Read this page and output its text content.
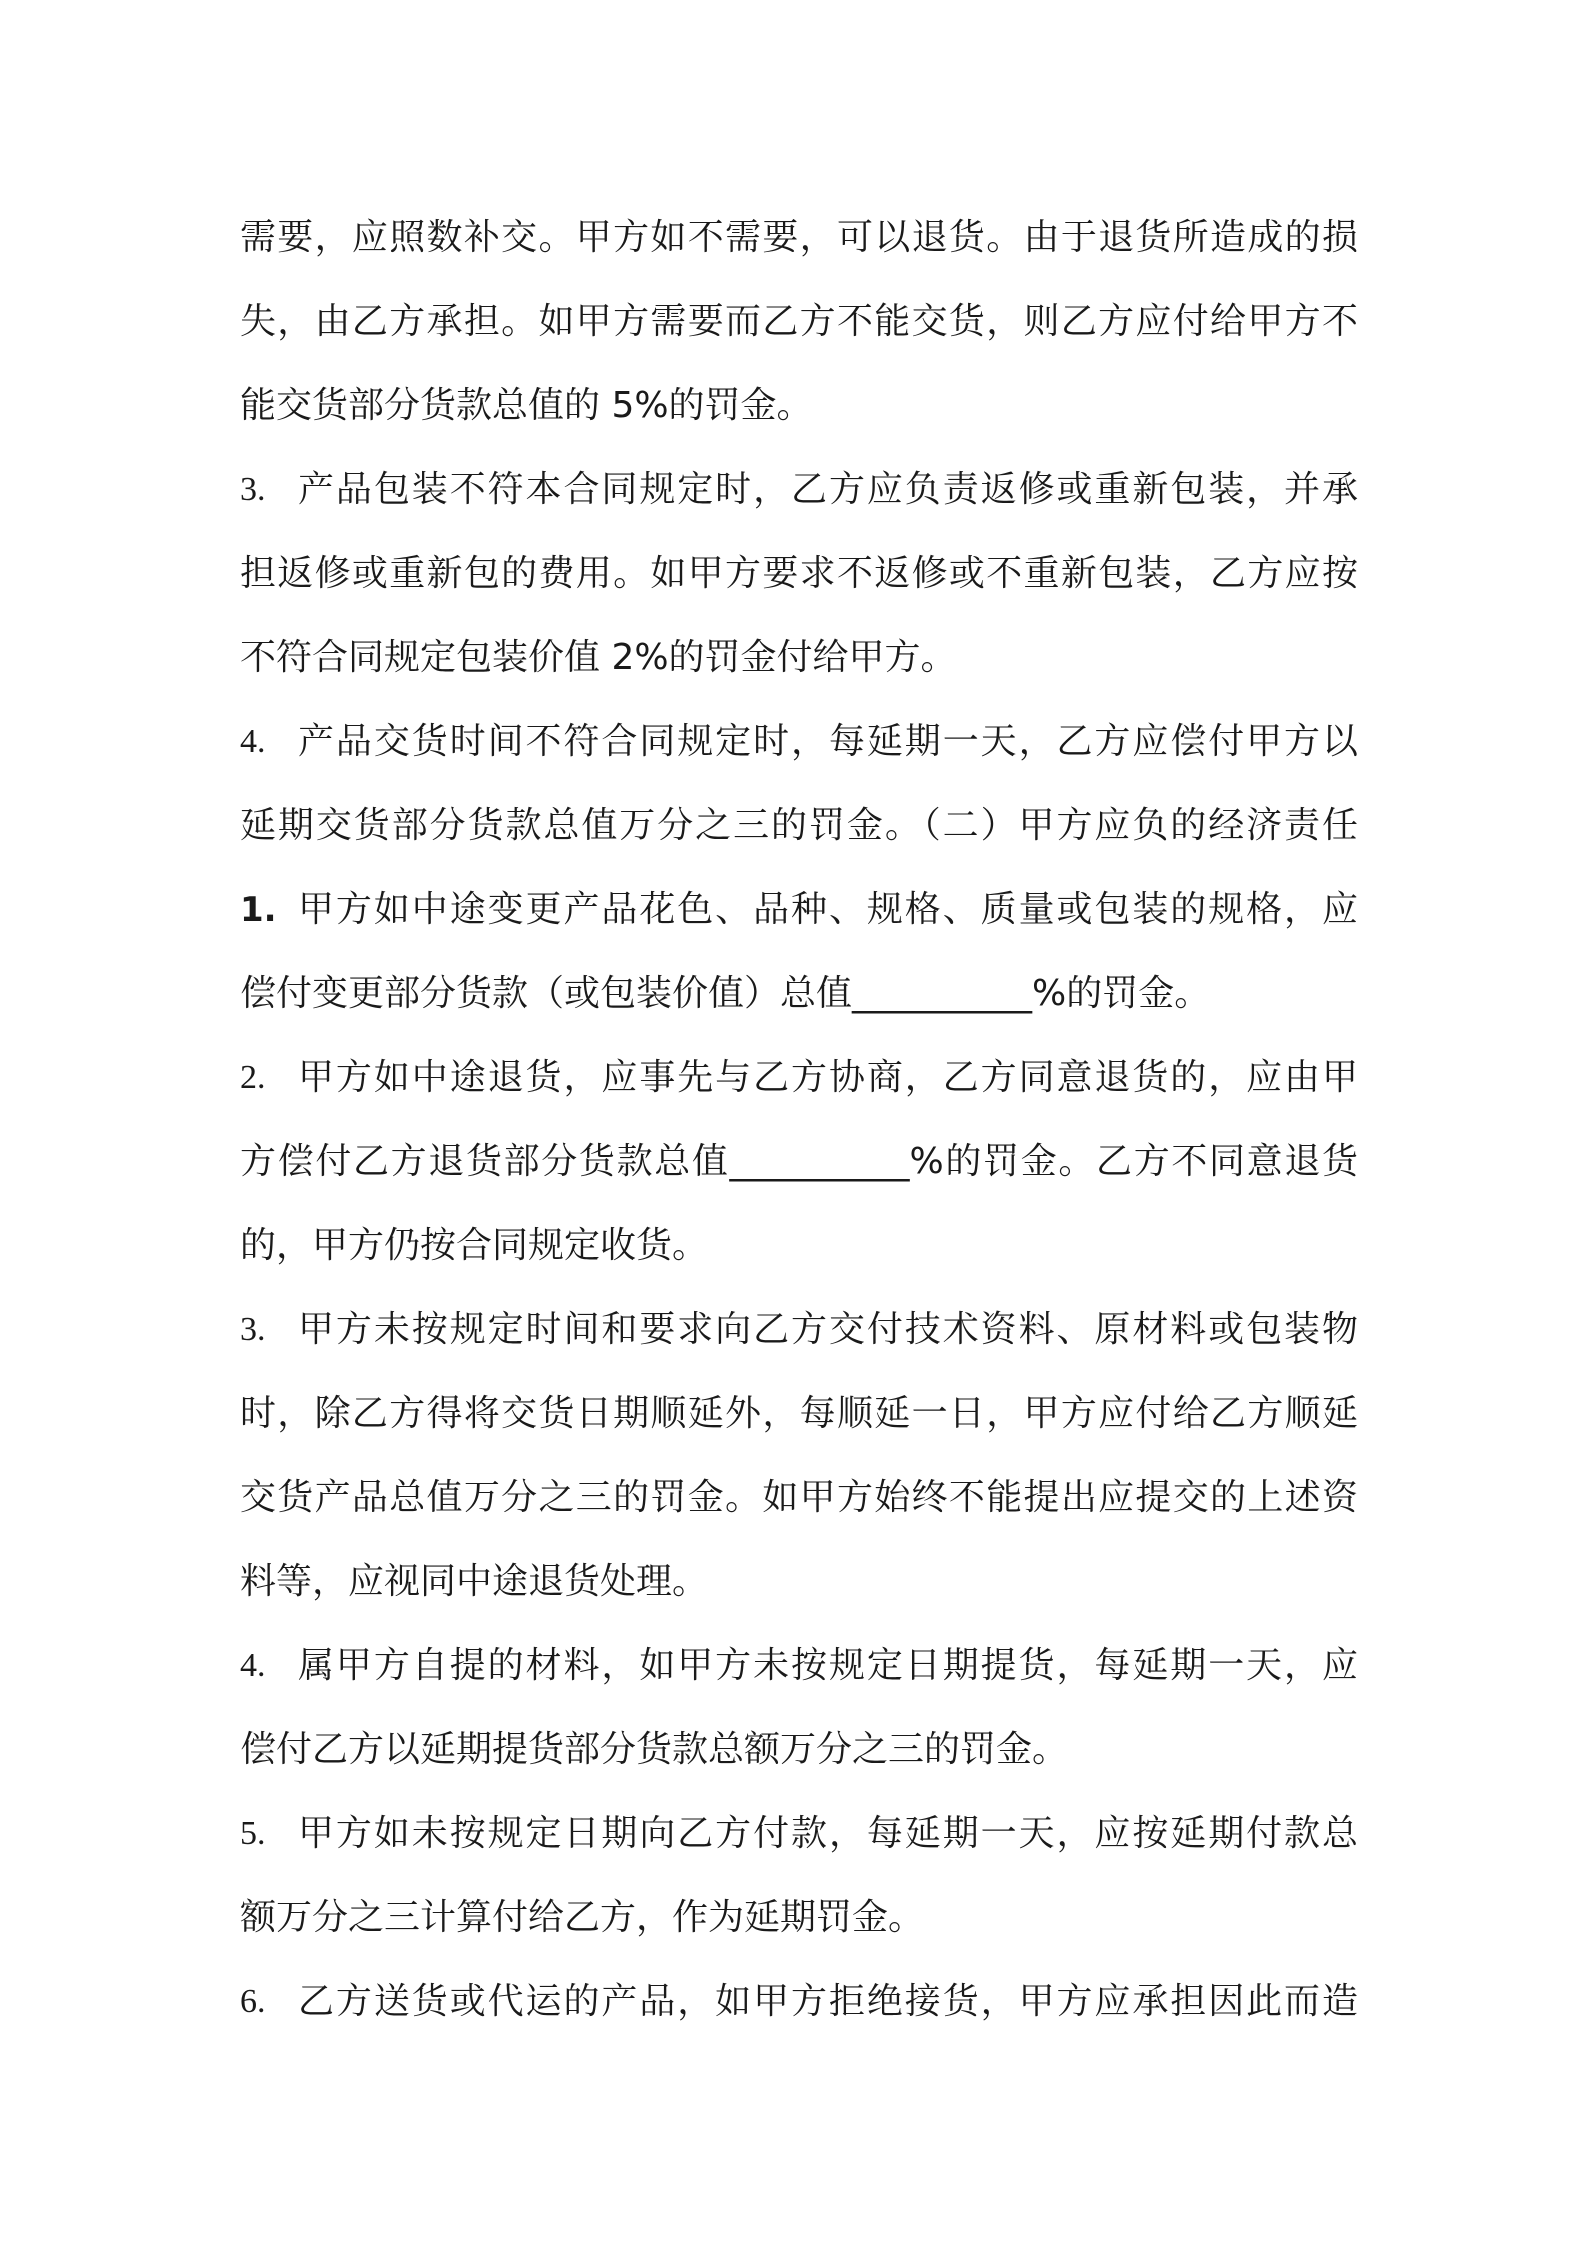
需要，应照数补交。甲方如不需要，可以退货。由于退货所造成的损
失，由乙方承担。如甲方需要而乙方不能交货，则乙方应付给甲方不
能交货部分货款总值的 5%的罚金。
3. 产品包装不符本合同规定时，乙方应负责返修或重新包装，并承
担返修或重新包的费用。如甲方要求不返修或不重新包装，乙方应按
不符合同规定包装价值 2%的罚金付给甲方。
4. 产品交货时间不符合同规定时，每延期一天，乙方应偿付甲方以
延期交货部分货款总值万分之三的罚金。（二）甲方应负的经济责任
1. 甲方如中途变更产品花色、品种、规格、质量或包装的规格，应
偿付变更部分货款（或包装价值）总值__________%的罚金。
2. 甲方如中途退货，应事先与乙方协商，乙方同意退货的，应由甲
方偿付乙方退货部分货款总值__________%的罚金。乙方不同意退货
的，甲方仍按合同规定收货。
3. 甲方未按规定时间和要求向乙方交付技术资料、原材料或包装物
时，除乙方得将交货日期顺延外，每顺延一日，甲方应付给乙方顺延
交货产品总值万分之三的罚金。如甲方始终不能提出应提交的上述资
料等，应视同中途退货处理。
4. 属甲方自提的材料，如甲方未按规定日期提货，每延期一天，应
偿付乙方以延期提货部分货款总额万分之三的罚金。
5. 甲方如未按规定日期向乙方付款，每延期一天，应按延期付款总
额万分之三计算付给乙方，作为延期罚金。
6. 乙方送货或代运的产品，如甲方拒绝接货，甲方应承担因此而造
